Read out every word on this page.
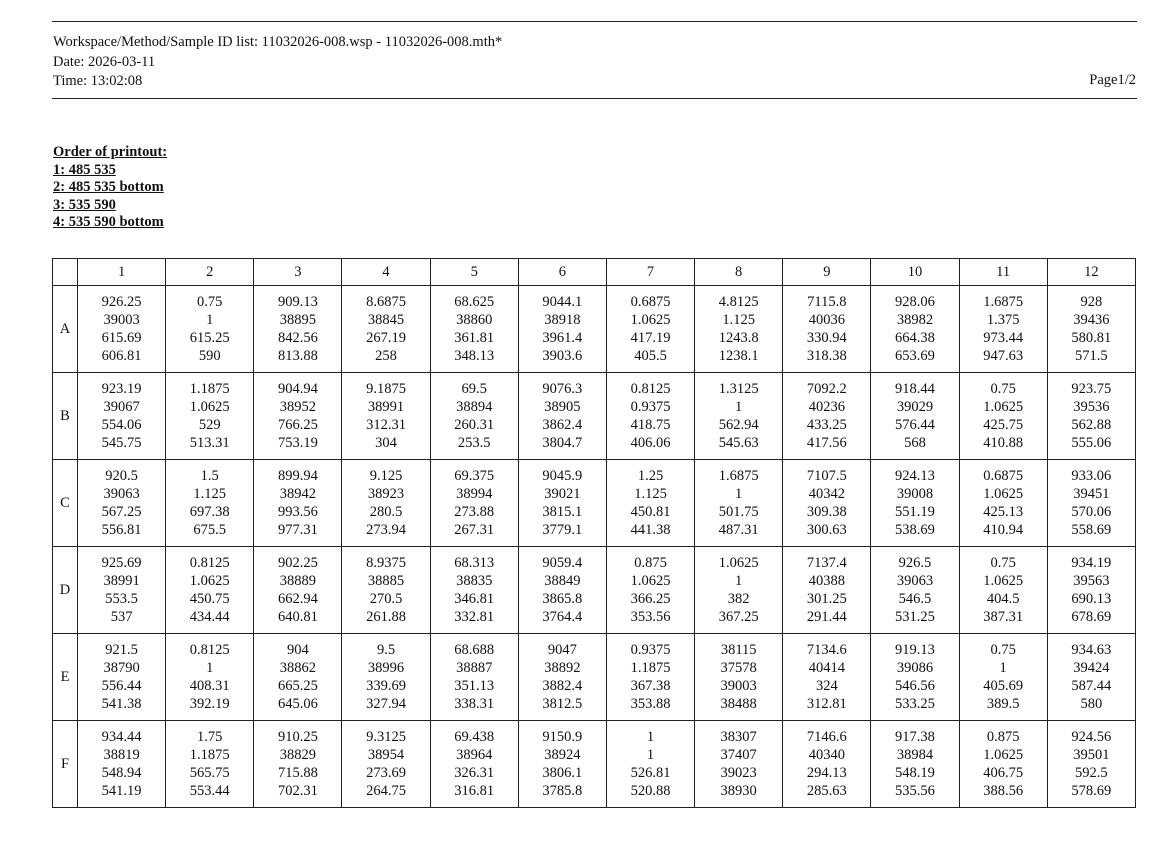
Workspace/Method/Sample ID list: 11032026-008.wsp - 11032026-008.mth*
Date: 2026-03-11
Time: 13:02:08	Page1/2
Order of printout:
1: 485 535
2: 485 535 bottom
3: 535 590
4: 535 590 bottom
	1	2	3	4	5	6	7	8	9	10	11	12
A	926.25
39003
615.69
606.81	0.75
1
615.25
590	909.13
38895
842.56
813.88	8.6875
38845
267.19
258	68.625
38860
361.81
348.13	9044.1
38918
3961.4
3903.6	0.6875
1.0625
417.19
405.5	4.8125
1.125
1243.8
1238.1	7115.8
40036
330.94
318.38	928.06
38982
664.38
653.69	1.6875
1.375
973.44
947.63	928
39436
580.81
571.5

B	923.19
39067
554.06
545.75	1.1875
1.0625
529
513.31	904.94
38952
766.25
753.19	9.1875
38991
312.31
304	69.5
38894
260.31
253.5	9076.3
38905
3862.4
3804.7	0.8125
0.9375
418.75
406.06	1.3125
1
562.94
545.63	7092.2
40236
433.25
417.56	918.44
39029
576.44
568	0.75
1.0625
425.75
410.88	923.75
39536
562.88
555.06

C	920.5
39063
567.25
556.81	1.5
1.125
697.38
675.5	899.94
38942
993.56
977.31	9.125
38923
280.5
273.94	69.375
38994
273.88
267.31	9045.9
39021
3815.1
3779.1	1.25
1.125
450.81
441.38	1.6875
1
501.75
487.31	7107.5
40342
309.38
300.63	924.13
39008
551.19
538.69	0.6875
1.0625
425.13
410.94	933.06
39451
570.06
558.69

D	925.69
38991
553.5
537	0.8125
1.0625
450.75
434.44	902.25
38889
662.94
640.81	8.9375
38885
270.5
261.88	68.313
38835
346.81
332.81	9059.4
38849
3865.8
3764.4	0.875
1.0625
366.25
353.56	1.0625
1
382
367.25	7137.4
40388
301.25
291.44	926.5
39063
546.5
531.25	0.75
1.0625
404.5
387.31	934.19
39563
690.13
678.69

E	921.5
38790
556.44
541.38	0.8125
1
408.31
392.19	904
38862
665.25
645.06	9.5
38996
339.69
327.94	68.688
38887
351.13
338.31	9047
38892
3882.4
3812.5	0.9375
1.1875
367.38
353.88	38115
37578
39003
38488	7134.6
40414
324
312.81	919.13
39086
546.56
533.25	0.75
1
405.69
389.5	934.63
39424
587.44
580

F	934.44
38819
548.94
541.19	1.75
1.1875
565.75
553.44	910.25
38829
715.88
702.31	9.3125
38954
273.69
264.75	69.438
38964
326.31
316.81	9150.9
38924
3806.1
3785.8	1
1
526.81
520.88	38307
37407
39023
38930	7146.6
40340
294.13
285.63	917.38
38984
548.19
535.56	0.875
1.0625
406.75
388.56	924.56
39501
592.5
578.69
